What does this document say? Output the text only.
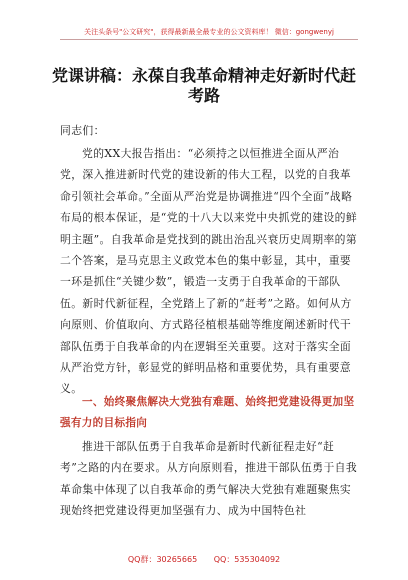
关注头条号"公文研究"，获得最新最全最专业的公文资料库！ 微信：gongwenyj
党课讲稿：永葆自我革命精神走好新时代赶考路
同志们：
党的XX大报告指出：“必须持之以恒推进全面从严治党，深入推进新时代党的建设新的伟大工程，以党的自我革命引领社会革命。”全面从严治党是协调推进“四个全面”战略布局的根本保证，是“党的十八大以来党中央抓党的建设的鲜明主题”。自我革命是党找到的跳出治乱兴衰历史周期率的第二个答案，是马克思主义政党本色的集中彰显，其中，重要一环是抓住“关键少数”，锻造一支勇于自我革命的干部队伍。新时代新征程，全党踏上了新的“赶考”之路。如何从方向原则、价值取向、方式路径植根基础等维度阐述新时代干部队伍勇于自我革命的内在逻辑至关重要。这对于落实全面从严治党方针，彰显党的鲜明品格和重要优势，具有重要意义。
一、始终聚焦解决大党独有难题、始终把党建设得更加坚强有力的目标指向
推进干部队伍勇于自我革命是新时代新征程走好“赶考”之路的内在要求。从方向原则看，推进干部队伍勇于自我革命集中体现了以自我革命的勇气解决大党独有难题聚焦实现始终把党建设得更加坚强有力、成为中国特色社
QQ群：30265665 QQ：535304092
